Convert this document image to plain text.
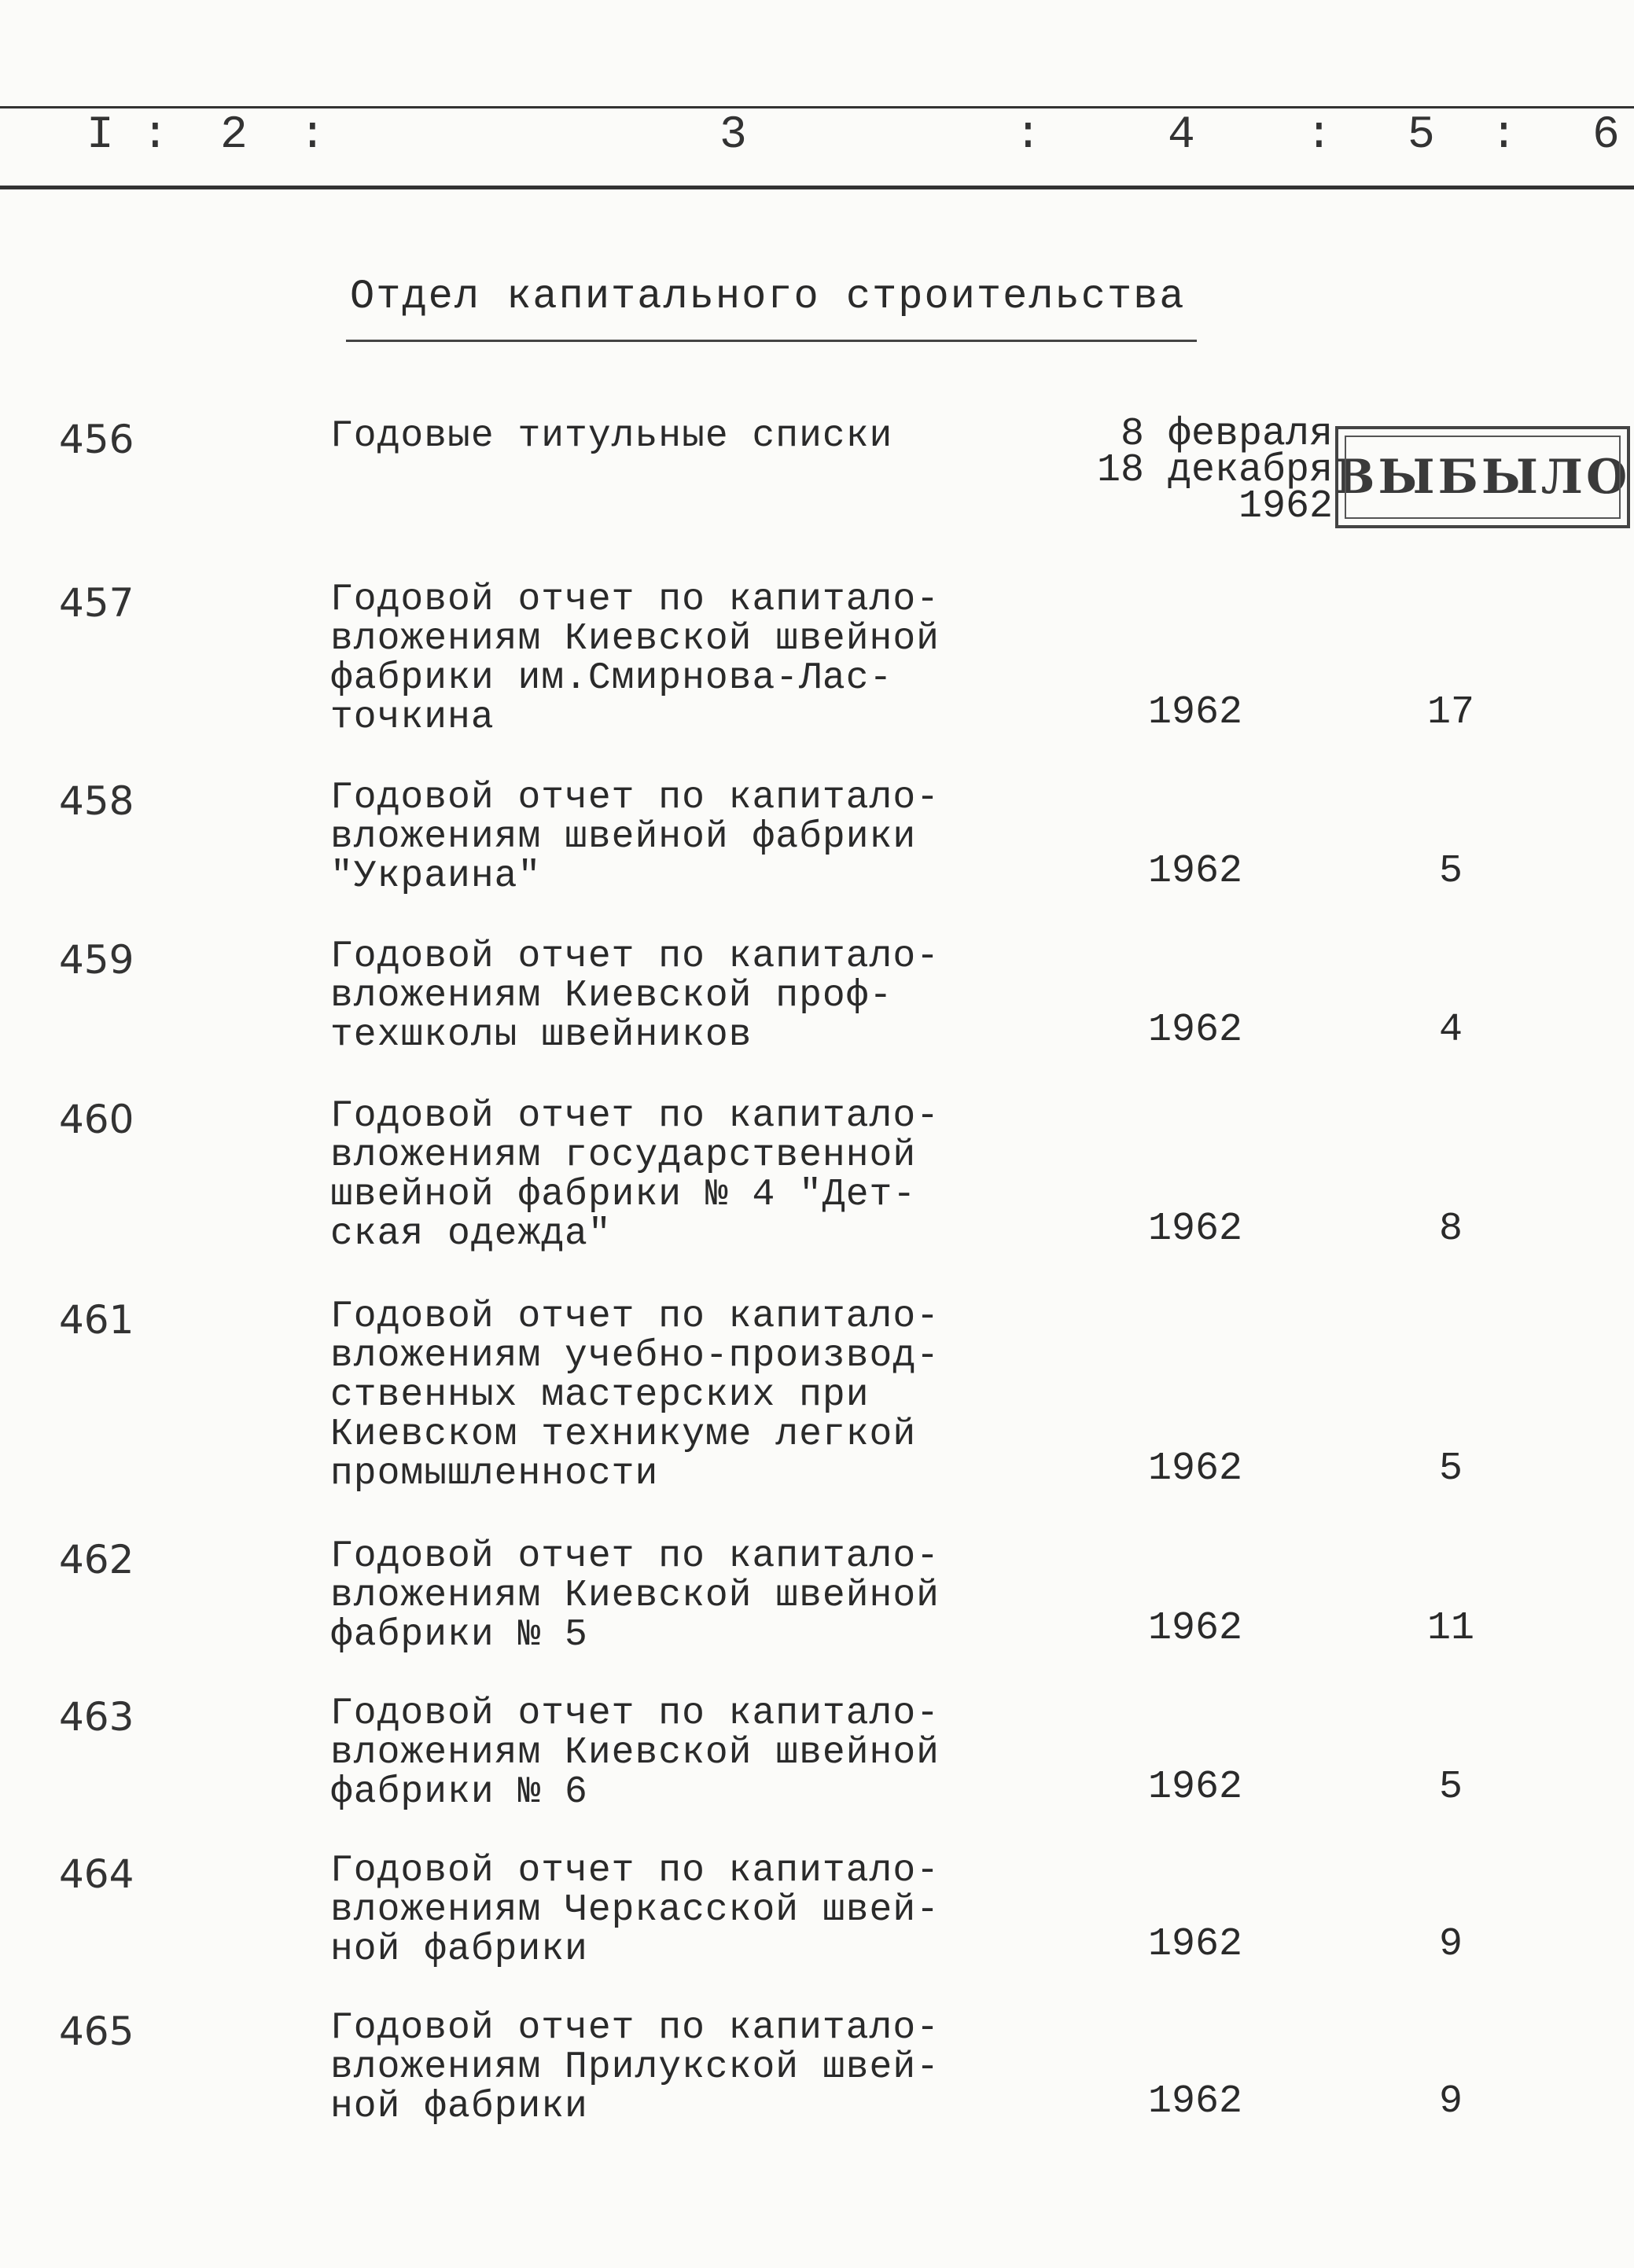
I : 2 :	3	:	4 : 5 : 6
Отдел капитального строительства
456	Годовые титульные списки	8 февраля
18 декабря
1962
ВЫБЫЛО
457	Годовой отчет по капитало-
вложениям Киевской швейной
фабрики им.Смирнова-Лас-
точкина	1962	17
458	Годовой отчет по капитало-
вложениям швейной фабрики
"Украина"	1962	5
459	Годовой отчет по капитало-
вложениям Киевской проф-
техшколы швейников	1962	4
460	Годовой отчет по капитало-
вложениям государственной
швейной фабрики № 4 "Дет-
ская одежда"	1962	8
461	Годовой отчет по капитало-
вложениям учебно-производ-
ственных мастерских при
Киевском техникуме легкой
промышленности	1962	5
462	Годовой отчет по капитало-
вложениям Киевской швейной
фабрики № 5	1962	11
463	Годовой отчет по капитало-
вложениям Киевской швейной
фабрики № 6	1962	5
464	Годовой отчет по капитало-
вложениям Черкасской швей-
ной фабрики	1962	9
465	Годовой отчет по капитало-
вложениям Прилукской швей-
ной фабрики	1962	9
